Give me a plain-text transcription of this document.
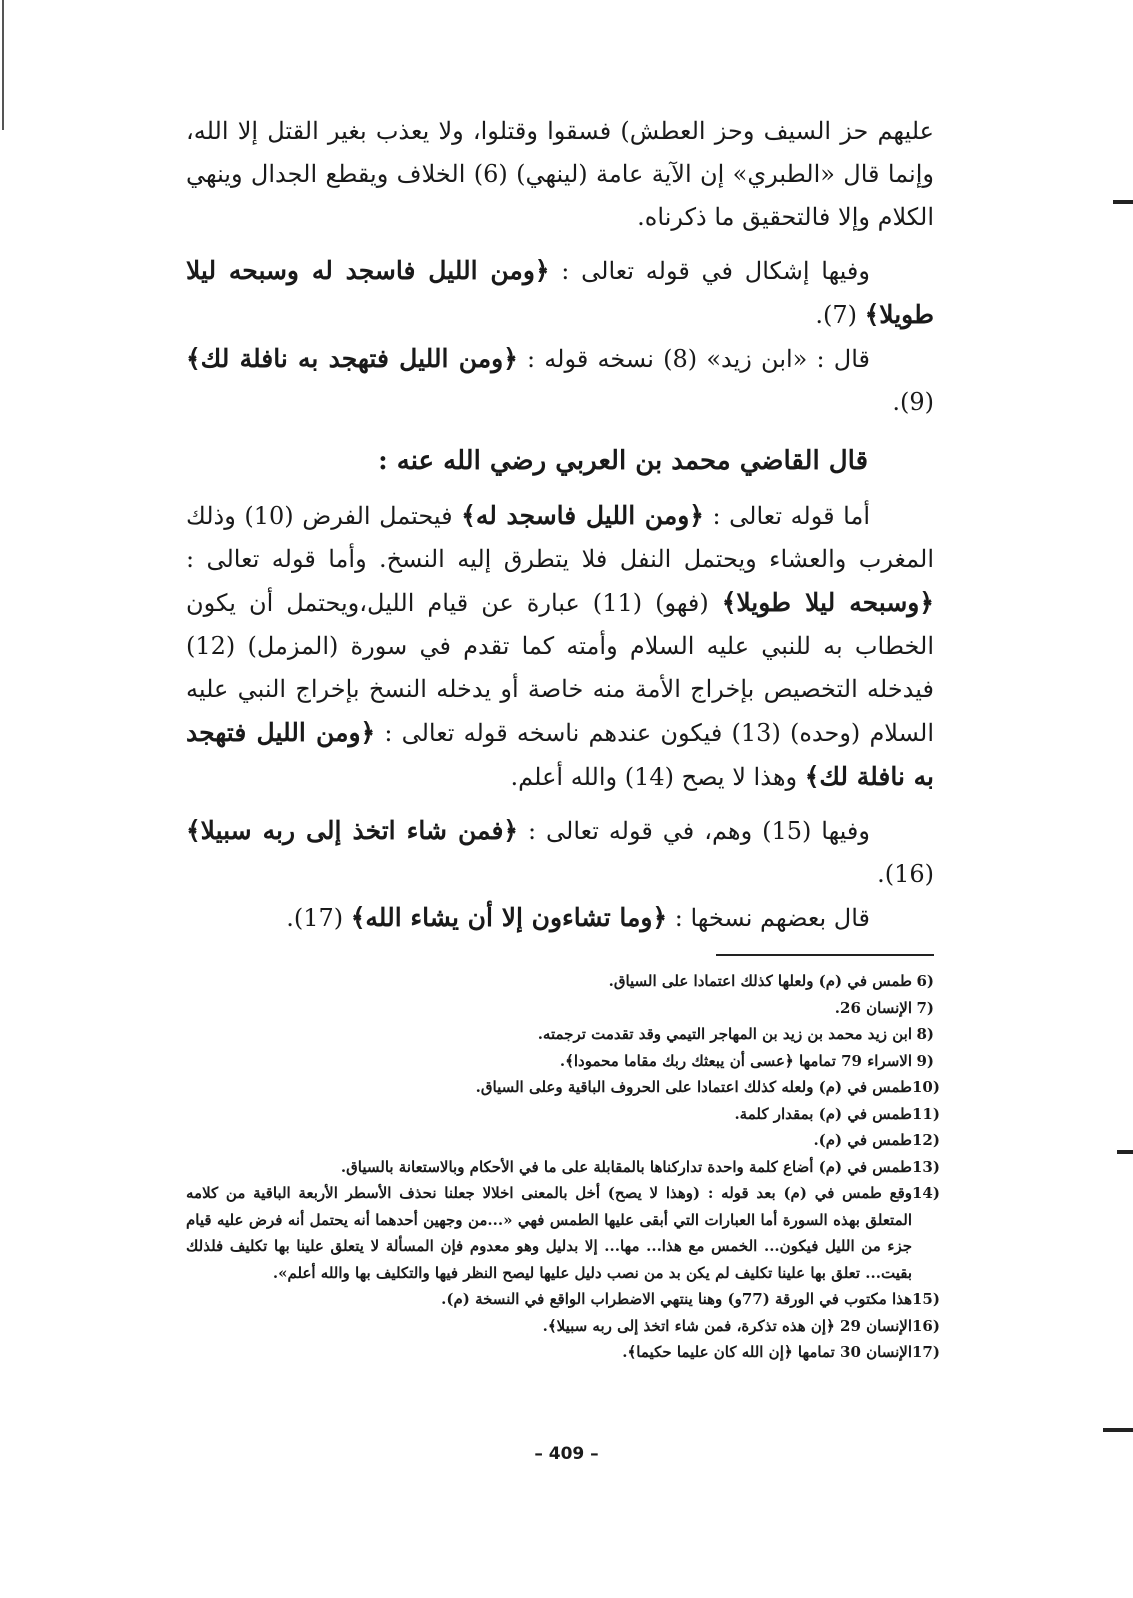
عليهم حز السيف وحز العطش) فسقوا وقتلوا، ولا يعذب بغير القتل إلا الله، وإنما قال «الطبري» إن الآية عامة (لينهي) (6) الخلاف ويقطع الجدال وينهي الكلام وإلا فالتحقيق ما ذكرناه.

وفيها إشكال في قوله تعالى : ﴿ومن الليل فاسجد له وسبحه ليلا طويلا﴾ (7).

قال : «ابن زيد» (8) نسخه قوله : ﴿ومن الليل فتهجد به نافلة لك﴾ (9).

قال القاضي محمد بن العربي رضي الله عنه :

أما قوله تعالى : ﴿ومن الليل فاسجد له﴾ فيحتمل الفرض (10) وذلك المغرب والعشاء ويحتمل النفل فلا يتطرق إليه النسخ. وأما قوله تعالى : ﴿وسبحه ليلا طويلا﴾ (فهو) (11) عبارة عن قيام الليل،ويحتمل أن يكون الخطاب به للنبي عليه السلام وأمته كما تقدم في سورة (المزمل) (12) فيدخله التخصيص بإخراج الأمة منه خاصة أو يدخله النسخ بإخراج النبي عليه السلام (وحده) (13) فيكون عندهم ناسخه قوله تعالى : ﴿ومن الليل فتهجد به نافلة لك﴾ وهذا لا يصح (14) والله أعلم.

وفيها (15) وهم، في قوله تعالى : ﴿فمن شاء اتخذ إلى ربه سبيلا﴾ (16).

قال بعضهم نسخها : ﴿وما تشاءون إلا أن يشاء الله﴾ (17).

6)
طمس في (م) ولعلها كذلك اعتمادا على السياق.
7)
الإنسان 26.
8)
ابن زيد محمد بن زيد بن المهاجر التيمي وقد تقدمت ترجمته.
9)
الاسراء 79 تمامها ﴿عسى أن يبعثك ربك مقاما محمودا﴾.
10)
طمس في (م) ولعله كذلك اعتمادا على الحروف الباقية وعلى السياق.
11)
طمس في (م) بمقدار كلمة.
12)
طمس في (م).
13)
طمس في (م) أضاع كلمة واحدة تداركناها بالمقابلة على ما في الأحكام وبالاستعانة بالسياق.
14)
وقع طمس في (م) بعد قوله : (وهذا لا يصح) أخل بالمعنى اخلالا جعلنا نحذف الأسطر الأربعة الباقية من كلامه المتعلق بهذه السورة أما العبارات التي أبقى عليها الطمس فهي «...من وجهين أحدهما أنه يحتمل أنه فرض عليه قيام جزء من الليل فيكون... الخمس مع هذا... مها... إلا بدليل وهو معدوم فإن المسألة لا يتعلق علينا بها تكليف فلذلك بقيت... تعلق بها علينا تكليف لم يكن بد من نصب دليل عليها ليصح النظر فيها والتكليف بها والله أعلم».
15)
هذا مكتوب في الورقة (77و) وهنا ينتهي الاضطراب الواقع في النسخة (م).
16)
الإنسان 29 ﴿إن هذه تذكرة، فمن شاء اتخذ إلى ربه سبيلا﴾.
17)
الإنسان 30 تمامها ﴿إن الله كان عليما حكيما﴾.
– 409 –
